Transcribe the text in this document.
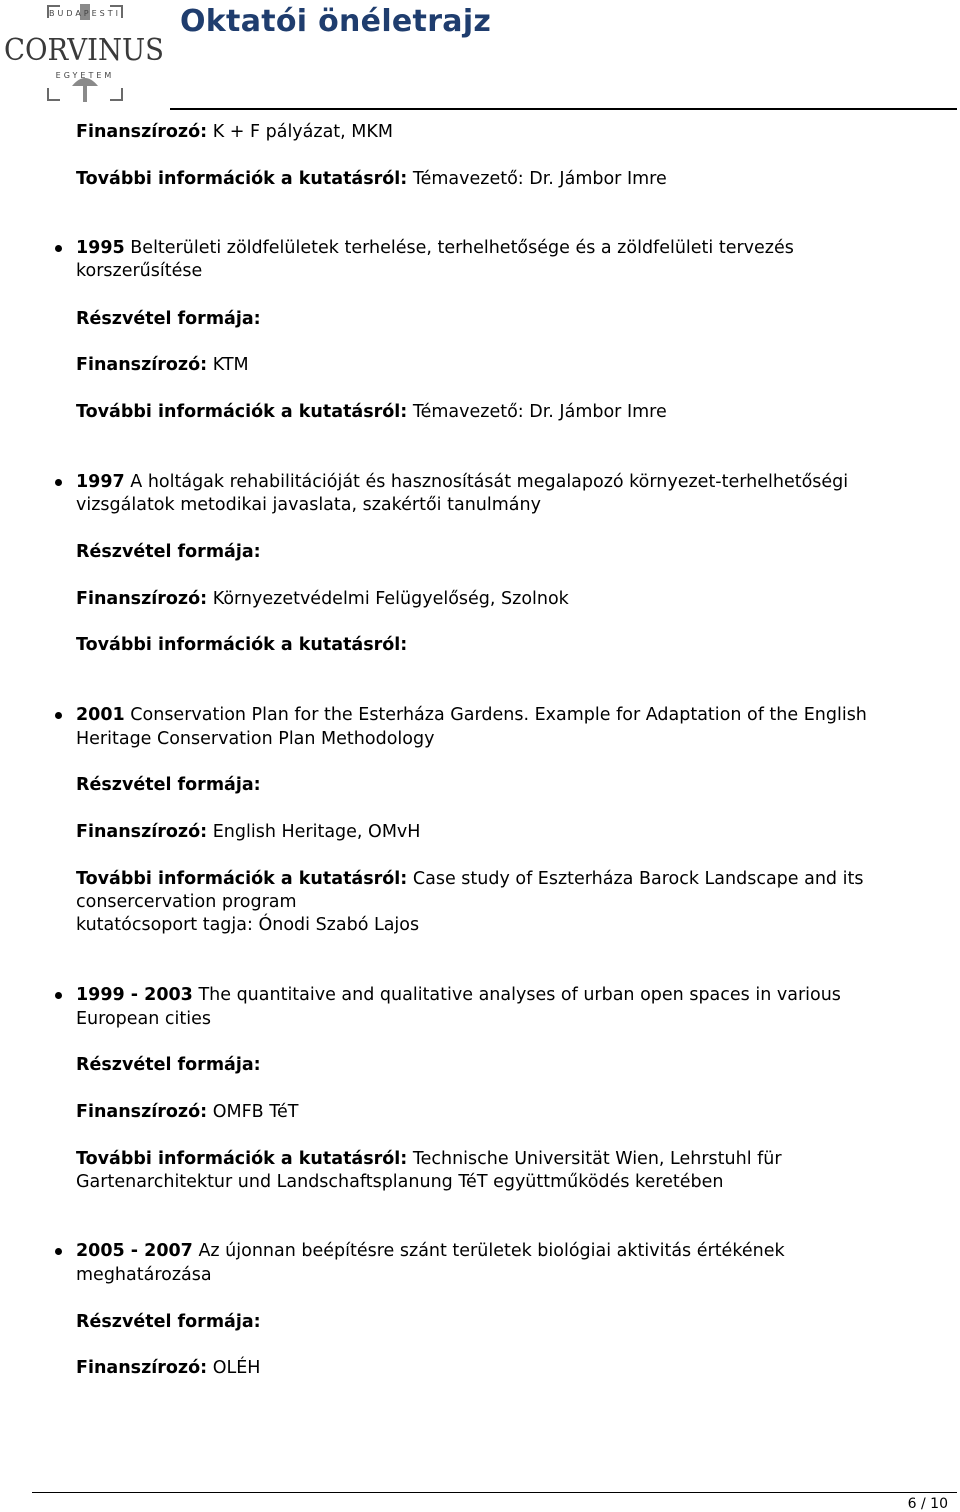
BUDAPESTI
CORVINUS
EGYETEM
Oktatói önéletrajz
Finanszírozó: K + F pályázat, MKM
További információk a kutatásról: Témavezető: Dr. Jámbor Imre
1995 Belterületi zöldfelületek terhelése, terhelhetősége és a zöldfelületi tervezés
korszerűsítése
Részvétel formája:
Finanszírozó: KTM
További információk a kutatásról: Témavezető: Dr. Jámbor Imre
1997 A holtágak rehabilitációját és hasznosítását megalapozó környezet-terhelhetőségi
vizsgálatok metodikai javaslata, szakértői tanulmány
Részvétel formája:
Finanszírozó: Környezetvédelmi Felügyelőség, Szolnok
További információk a kutatásról:
2001 Conservation Plan for the Esterháza Gardens. Example for Adaptation of the English
Heritage Conservation Plan Methodology
Részvétel formája:
Finanszírozó: English Heritage, OMvH
További információk a kutatásról: Case study of Eszterháza Barock Landscape and its
consercervation program
kutatócsoport tagja: Ónodi Szabó Lajos
1999 - 2003 The quantitaive and qualitative analyses of urban open spaces in various
European cities
Részvétel formája:
Finanszírozó: OMFB TéT
További információk a kutatásról: Technische Universität Wien, Lehrstuhl für
Gartenarchitektur und Landschaftsplanung TéT együttműködés keretében
2005 - 2007 Az újonnan beépítésre szánt területek biológiai aktivitás értékének
meghatározása
Részvétel formája:
Finanszírozó: OLÉH
6 / 10
